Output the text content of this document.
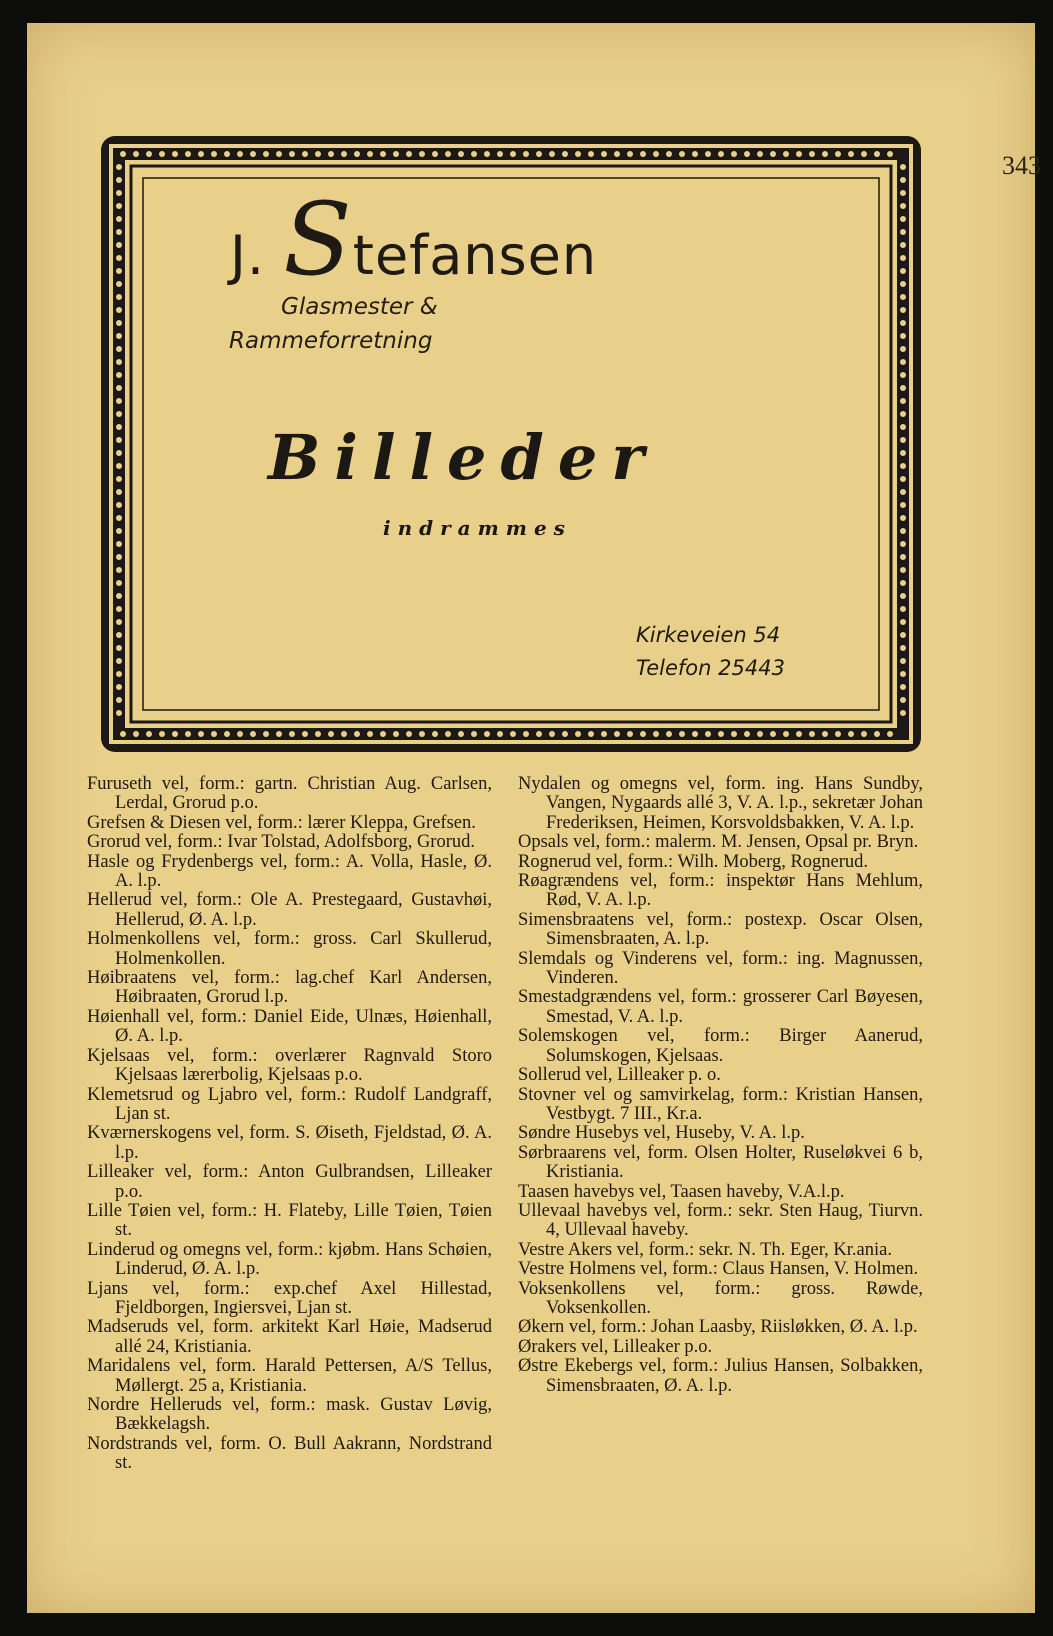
343
J. Stefansen
Glasmester &
Rammeforretning
Billeder
indrammes
Kirkeveien 54
Telefon 25443
Furuseth vel, form.: gartn. Christian Aug. Carlsen, Lerdal, Grorud p.o.
Grefsen & Diesen vel, form.: lærer Kleppa, Grefsen.
Grorud vel, form.: Ivar Tolstad, Adolfsborg, Grorud.
Hasle og Frydenbergs vel, form.: A. Volla, Hasle, Ø. A. l.p.
Hellerud vel, form.: Ole A. Prestegaard, Gustavhøi, Hellerud, Ø. A. l.p.
Holmenkollens vel, form.: gross. Carl Skullerud, Holmenkollen.
Høibraatens vel, form.: lag.chef Karl Andersen, Høibraaten, Grorud l.p.
Høienhall vel, form.: Daniel Eide, Ulnæs, Høienhall, Ø. A. l.p.
Kjelsaas vel, form.: overlærer Ragnvald Storo Kjelsaas lærerbolig, Kjelsaas p.o.
Klemetsrud og Ljabro vel, form.: Rudolf Landgraff, Ljan st.
Kværnerskogens vel, form. S. Øiseth, Fjeldstad, Ø. A. l.p.
Lilleaker vel, form.: Anton Gulbrandsen, Lilleaker p.o.
Lille Tøien vel, form.: H. Flateby, Lille Tøien, Tøien st.
Linderud og omegns vel, form.: kjøbm. Hans Schøien, Linderud, Ø. A. l.p.
Ljans vel, form.: exp.chef Axel Hillestad, Fjeldborgen, Ingiersvei, Ljan st.
Madseruds vel, form. arkitekt Karl Høie, Madserud allé 24, Kristiania.
Maridalens vel, form. Harald Pettersen, A/S Tellus, Møllergt. 25 a, Kristiania.
Nordre Helleruds vel, form.: mask. Gustav Løvig, Bækkelagsh.
Nordstrands vel, form. O. Bull Aakrann, Nordstrand st.
Nydalen og omegns vel, form. ing. Hans Sundby, Vangen, Nygaards allé 3, V. A. l.p., sekretær Johan Frederiksen, Heimen, Korsvoldsbakken, V. A. l.p.
Opsals vel, form.: malerm. M. Jensen, Opsal pr. Bryn.
Rognerud vel, form.: Wilh. Moberg, Rognerud.
Røagrændens vel, form.: inspektør Hans Mehlum, Rød, V. A. l.p.
Simensbraatens vel, form.: postexp. Oscar Olsen, Simensbraaten, A. l.p.
Slemdals og Vinderens vel, form.: ing. Magnussen, Vinderen.
Smestadgrændens vel, form.: grosserer Carl Bøyesen, Smestad, V. A. l.p.
Solemskogen vel, form.: Birger Aanerud, Solumskogen, Kjelsaas.
Sollerud vel, Lilleaker p. o.
Stovner vel og samvirkelag, form.: Kristian Hansen, Vestbygt. 7 III., Kr.a.
Søndre Husebys vel, Huseby, V. A. l.p.
Sørbraarens vel, form. Olsen Holter, Ruseløkvei 6 b, Kristiania.
Taasen havebys vel, Taasen haveby, V.A.l.p.
Ullevaal havebys vel, form.: sekr. Sten Haug, Tiurvn. 4, Ullevaal haveby.
Vestre Akers vel, form.: sekr. N. Th. Eger, Kr.ania.
Vestre Holmens vel, form.: Claus Hansen, V. Holmen.
Voksenkollens vel, form.: gross. Røwde, Voksenkollen.
Økern vel, form.: Johan Laasby, Riisløkken, Ø. A. l.p.
Ørakers vel, Lilleaker p.o.
Østre Ekebergs vel, form.: Julius Hansen, Solbakken, Simensbraaten, Ø. A. l.p.
